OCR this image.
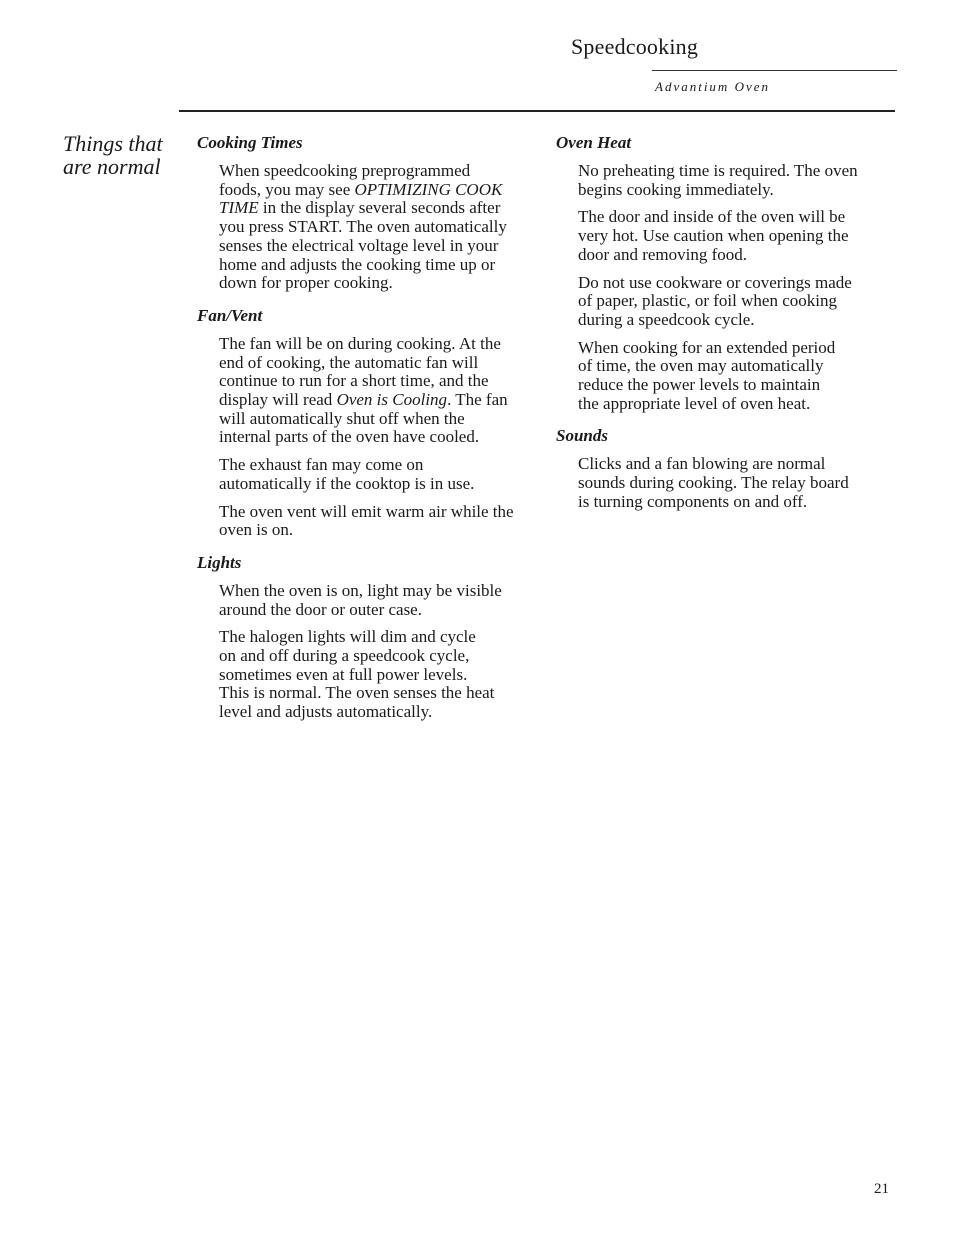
Speedcooking
Advantium Oven
Things that
are normal
Cooking Times

When speedcooking preprogrammed
foods, you may see OPTIMIZING COOK
TIME in the display several seconds after
you press START. The oven automatically
senses the electrical voltage level in your
home and adjusts the cooking time up or
down for proper cooking.

Fan/Vent

The fan will be on during cooking. At the
end of cooking, the automatic fan will
continue to run for a short time, and the
display will read Oven is Cooling. The fan
will automatically shut off when the
internal parts of the oven have cooled.

The exhaust fan may come on
automatically if the cooktop is in use.

The oven vent will emit warm air while the
oven is on.

Lights

When the oven is on, light may be visible
around the door or outer case.

The halogen lights will dim and cycle
on and off during a speedcook cycle,
sometimes even at full power levels.
This is normal. The oven senses the heat
level and adjusts automatically.

Oven Heat

No preheating time is required. The oven
begins cooking immediately.

The door and inside of the oven will be
very hot. Use caution when opening the
door and removing food.

Do not use cookware or coverings made
of paper, plastic, or foil when cooking
during a speedcook cycle.

When cooking for an extended period
of time, the oven may automatically
reduce the power levels to maintain
the appropriate level of oven heat.

Sounds

Clicks and a fan blowing are normal
sounds during cooking. The relay board
is turning components on and off.

21
